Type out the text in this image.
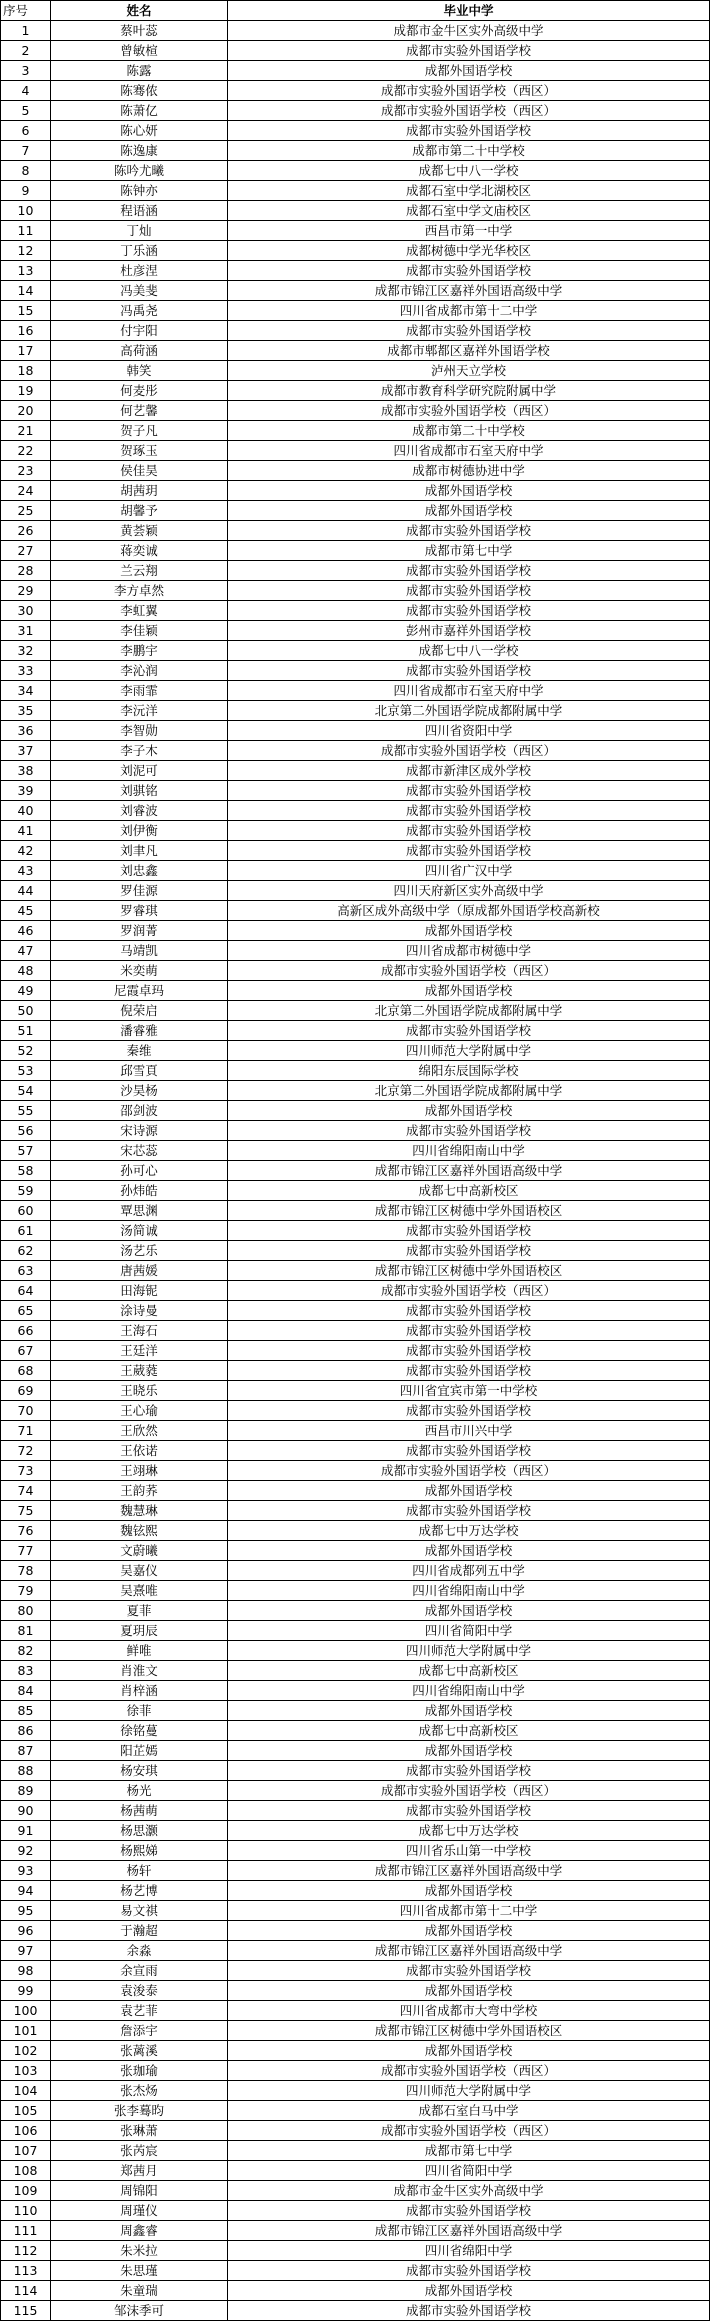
序号	姓名	毕业中学
1	蔡叶蕊	成都市金牛区实外高级中学
2	曾敏楦	成都市实验外国语学校
3	陈露	成都外国语学校
4	陈骞侬	成都市实验外国语学校（西区）
5	陈萧亿	成都市实验外国语学校（西区）
6	陈心妍	成都市实验外国语学校
7	陈逸康	成都市第二十中学校
8	陈吟尤曦	成都七中八一学校
9	陈钟亦	成都石室中学北湖校区
10	程语涵	成都石室中学文庙校区
11	丁灿	西昌市第一中学
12	丁乐涵	成都树德中学光华校区
13	杜彦涅	成都市实验外国语学校
14	冯美斐	成都市锦江区嘉祥外国语高级中学
15	冯禹尧	四川省成都市第十二中学
16	付宇阳	成都市实验外国语学校
17	高荷涵	成都市郫都区嘉祥外国语学校
18	韩笑	泸州天立学校
19	何麦彤	成都市教育科学研究院附属中学
20	何艺馨	成都市实验外国语学校（西区）
21	贺子凡	成都市第二十中学校
22	贺琢玉	四川省成都市石室天府中学
23	侯佳昊	成都市树德协进中学
24	胡茜玥	成都外国语学校
25	胡馨予	成都外国语学校
26	黄荟颖	成都市实验外国语学校
27	蒋奕诚	成都市第七中学
28	兰云翔	成都市实验外国语学校
29	李方卓然	成都市实验外国语学校
30	李虹翼	成都市实验外国语学校
31	李佳颖	彭州市嘉祥外国语学校
32	李鹏宇	成都七中八一学校
33	李沁润	成都市实验外国语学校
34	李雨霏	四川省成都市石室天府中学
35	李沅洋	北京第二外国语学院成都附属中学
36	李智勋	四川省资阳中学
37	李子木	成都市实验外国语学校（西区）
38	刘泥可	成都市新津区成外学校
39	刘骐铭	成都市实验外国语学校
40	刘睿波	成都市实验外国语学校
41	刘伊衡	成都市实验外国语学校
42	刘聿凡	成都市实验外国语学校
43	刘忠鑫	四川省广汉中学
44	罗佳源	四川天府新区实外高级中学
45	罗睿琪	高新区成外高级中学（原成都外国语学校高新校
46	罗润菁	成都外国语学校
47	马靖凯	四川省成都市树德中学
48	米奕萌	成都市实验外国语学校（西区）
49	尼霞卓玛	成都外国语学校
50	倪荣启	北京第二外国语学院成都附属中学
51	潘睿雅	成都市实验外国语学校
52	秦维	四川师范大学附属中学
53	邱雪頁	绵阳东辰国际学校
54	沙昊杨	北京第二外国语学院成都附属中学
55	邵剑波	成都外国语学校
56	宋诗源	成都市实验外国语学校
57	宋芯蕊	四川省绵阳南山中学
58	孙可心	成都市锦江区嘉祥外国语高级中学
59	孙炜皓	成都七中高新校区
60	覃思渊	成都市锦江区树德中学外国语校区
61	汤简诚	成都市实验外国语学校
62	汤艺乐	成都市实验外国语学校
63	唐茜媛	成都市锦江区树德中学外国语校区
64	田海铌	成都市实验外国语学校（西区）
65	涂诗曼	成都市实验外国语学校
66	王海石	成都市实验外国语学校
67	王廷洋	成都市实验外国语学校
68	王葳蕤	成都市实验外国语学校
69	王晓乐	四川省宜宾市第一中学校
70	王心瑜	成都市实验外国语学校
71	王欣然	西昌市川兴中学
72	王依诺	成都市实验外国语学校
73	王翊琳	成都市实验外国语学校（西区）
74	王韵荞	成都外国语学校
75	魏慧琳	成都市实验外国语学校
76	魏铉熙	成都七中万达学校
77	文蔚曦	成都外国语学校
78	吴嘉仪	四川省成都列五中学
79	吴熹唯	四川省绵阳南山中学
80	夏菲	成都外国语学校
81	夏玥辰	四川省简阳中学
82	鲜唯	四川师范大学附属中学
83	肖淮文	成都七中高新校区
84	肖梓涵	四川省绵阳南山中学
85	徐菲	成都外国语学校
86	徐铭蔓	成都七中高新校区
87	阳芷嫣	成都外国语学校
88	杨安琪	成都市实验外国语学校
89	杨光	成都市实验外国语学校（西区）
90	杨茜萌	成都市实验外国语学校
91	杨思灏	成都七中万达学校
92	杨熙娣	四川省乐山第一中学校
93	杨轩	成都市锦江区嘉祥外国语高级中学
94	杨艺博	成都外国语学校
95	易文祺	四川省成都市第十二中学
96	于瀚超	成都外国语学校
97	余淼	成都市锦江区嘉祥外国语高级中学
98	余宣雨	成都市实验外国语学校
99	袁浚泰	成都外国语学校
100	袁艺菲	四川省成都市大弯中学校
101	詹添宇	成都市锦江区树德中学外国语校区
102	张蓠溪	成都外国语学校
103	张珈瑜	成都市实验外国语学校（西区）
104	张杰炀	四川师范大学附属中学
105	张李蓦昀	成都石室白马中学
106	张琳萧	成都市实验外国语学校（西区）
107	张芮宸	成都市第七中学
108	郑茜月	四川省简阳中学
109	周锦阳	成都市金牛区实外高级中学
110	周瑾仪	成都市实验外国语学校
111	周鑫睿	成都市锦江区嘉祥外国语高级中学
112	朱米拉	四川省绵阳中学
113	朱思瑾	成都市实验外国语学校
114	朱童瑞	成都外国语学校
115	邹沫季可	成都市实验外国语学校
